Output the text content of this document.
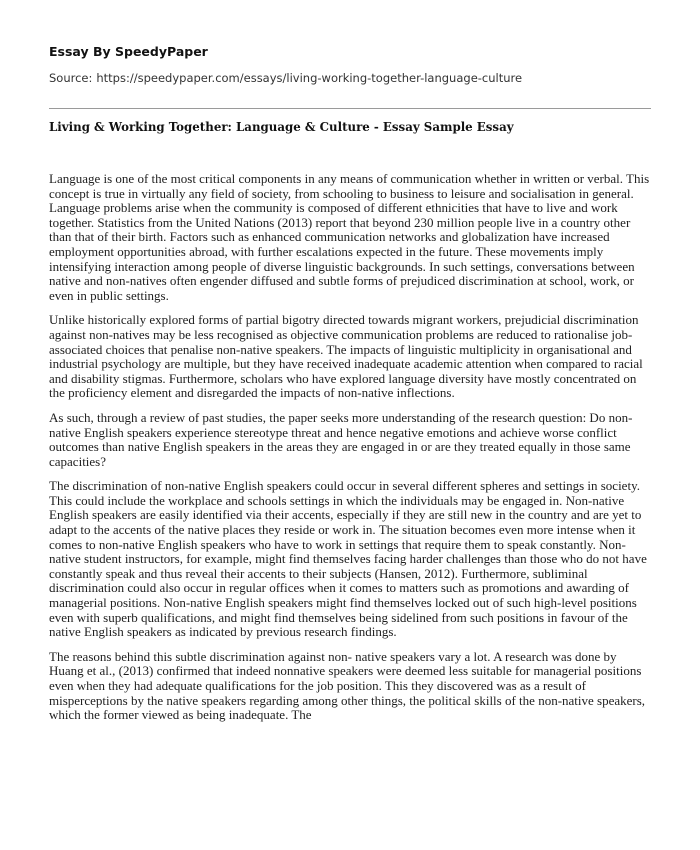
Essay By SpeedyPaper
Source: https://speedypaper.com/essays/living-working-together-language-culture
Living & Working Together: Language & Culture - Essay Sample Essay

Language is one of the most critical components in any means of communication whether in written or verbal. This concept is true in virtually any field of society, from schooling to business to leisure and socialisation in general. Language problems arise when the community is composed of different ethnicities that have to live and work together. Statistics from the United Nations (2013) report that beyond 230 million people live in a country other than that of their birth. Factors such as enhanced communication networks and globalization have increased employment opportunities abroad, with further escalations expected in the future. These movements imply intensifying interaction among people of diverse linguistic backgrounds. In such settings, conversations between native and non-natives often engender diffused and subtle forms of prejudiced discrimination at school, work, or even in public settings.

Unlike historically explored forms of partial bigotry directed towards migrant workers, prejudicial discrimination against non-natives may be less recognised as objective communication problems are reduced to rationalise job-associated choices that penalise non-native speakers. The impacts of linguistic multiplicity in organisational and industrial psychology are multiple, but they have received inadequate academic attention when compared to racial and disability stigmas. Furthermore, scholars who have explored language diversity have mostly concentrated on the proficiency element and disregarded the impacts of non-native inflections.

As such, through a review of past studies, the paper seeks more understanding of the research question: Do non-native English speakers experience stereotype threat and hence negative emotions and achieve worse conflict outcomes than native English speakers in the areas they are engaged in or are they treated equally in those same capacities?

The discrimination of non-native English speakers could occur in several different spheres and settings in society. This could include the workplace and schools settings in which the individuals may be engaged in. Non-native English speakers are easily identified via their accents, especially if they are still new in the country and are yet to adapt to the accents of the native places they reside or work in. The situation becomes even more intense when it comes to non-native English speakers who have to work in settings that require them to speak constantly. Non-native student instructors, for example, might find themselves facing harder challenges than those who do not have constantly speak and thus reveal their accents to their subjects (Hansen, 2012). Furthermore, subliminal discrimination could also occur in regular offices when it comes to matters such as promotions and awarding of managerial positions. Non-native English speakers might find themselves locked out of such high-level positions even with superb qualifications, and might find themselves being sidelined from such positions in favour of the native English speakers as indicated by previous research findings.

The reasons behind this subtle discrimination against non- native speakers vary a lot. A research was done by Huang et al., (2013) confirmed that indeed nonnative speakers were deemed less suitable for managerial positions even when they had adequate qualifications for the job position. This they discovered was as a result of misperceptions by the native speakers regarding among other things, the political skills of the non-native speakers, which the former viewed as being inadequate. The
